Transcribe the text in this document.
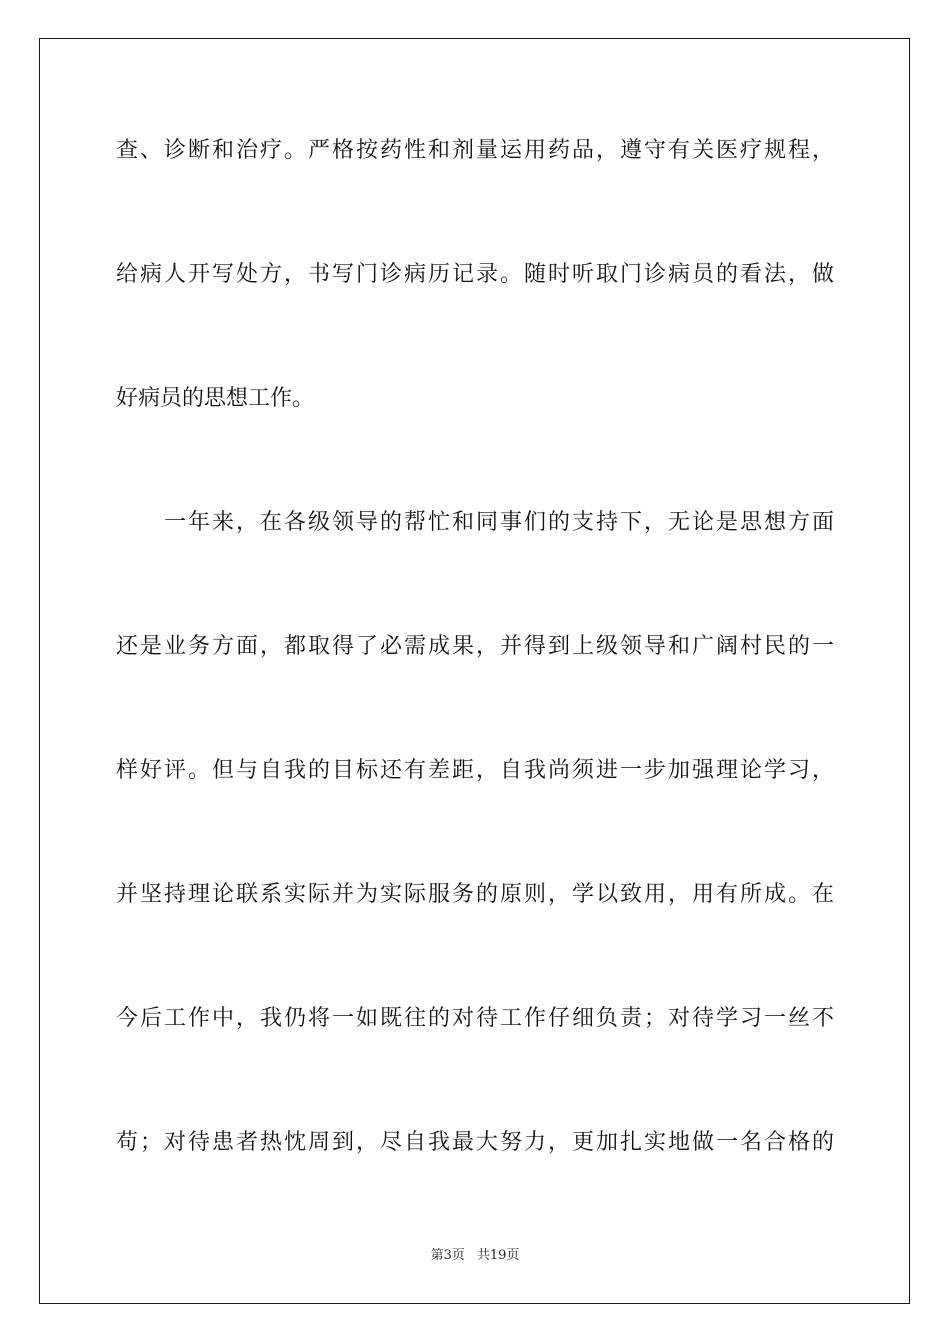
查、诊断和治疗。严格按药性和剂量运用药品，遵守有关医疗规程，
给病人开写处方，书写门诊病历记录。随时听取门诊病员的看法，做
好病员的思想工作。
　　一年来，在各级领导的帮忙和同事们的支持下，无论是思想方面
还是业务方面，都取得了必需成果，并得到上级领导和广阔村民的一
样好评。但与自我的目标还有差距，自我尚须进一步加强理论学习，
并坚持理论联系实际并为实际服务的原则，学以致用，用有所成。在
今后工作中，我仍将一如既往的对待工作仔细负责；对待学习一丝不
苟；对待患者热忱周到，尽自我最大努力，更加扎实地做一名合格的
第3页 共19页
